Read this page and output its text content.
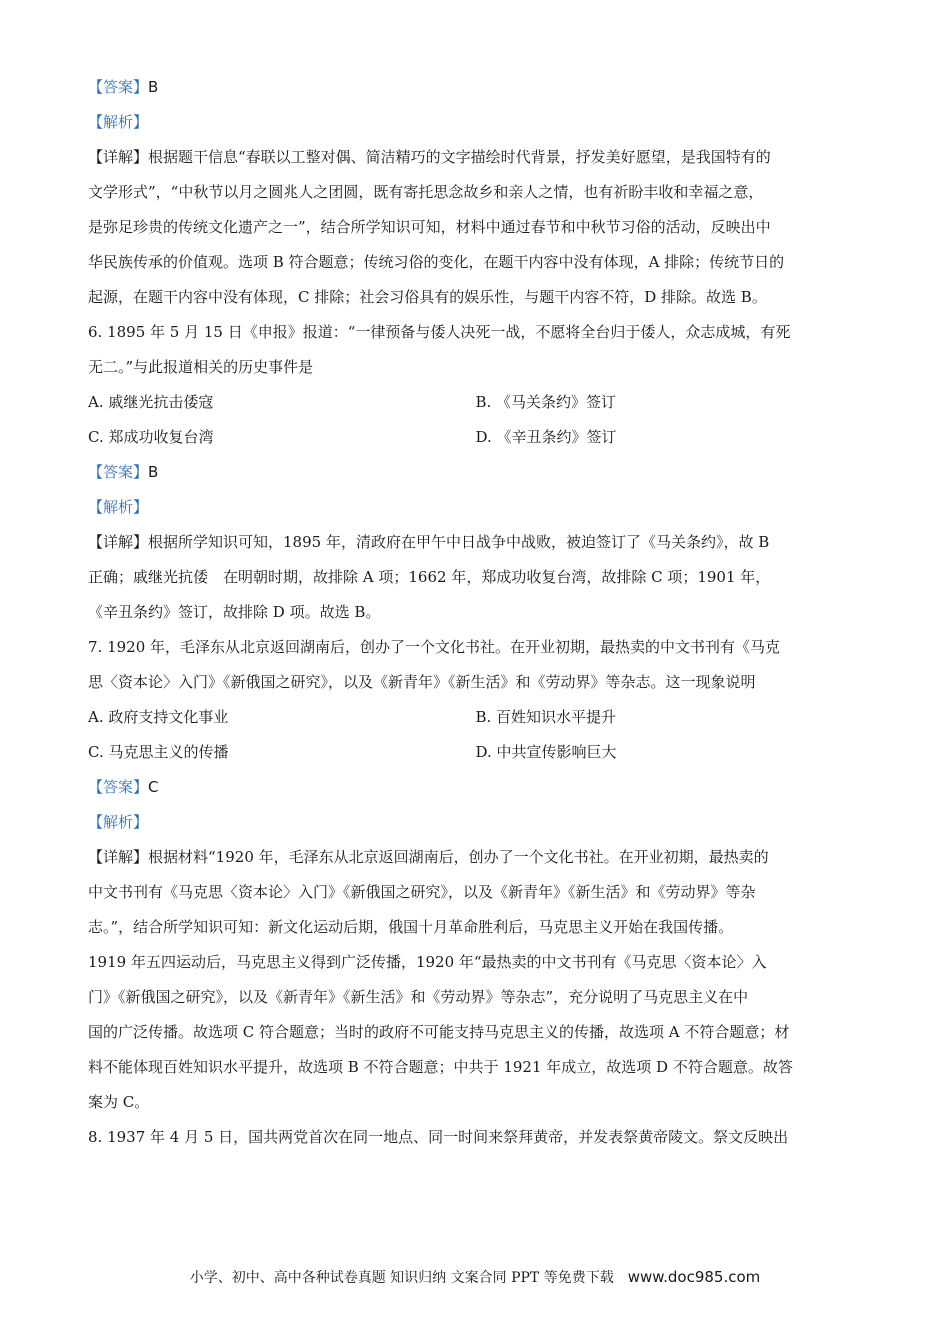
【答案】B
【解析】
【详解】根据题干信息“春联以工整对偶、简洁精巧的文字描绘时代背景，抒发美好愿望，是我国特有的
文学形式”，“中秋节以月之圆兆人之团圆，既有寄托思念故乡和亲人之情，也有祈盼丰收和幸福之意，
是弥足珍贵的传统文化遗产之一”，结合所学知识可知，材料中通过春节和中秋节习俗的活动，反映出中
华民族传承的价值观。选项 B 符合题意；传统习俗的变化，在题干内容中没有体现，A 排除；传统节日的
起源，在题干内容中没有体现，C 排除；社会习俗具有的娱乐性，与题干内容不符，D 排除。故选 B。
6. 1895 年 5 月 15 日《申报》报道：“一律预备与倭人决死一战，不愿将全台归于倭人，众志成城，有死
无二。”与此报道相关的历史事件是
A. 戚继光抗击倭寇	B. 《马关条约》签订
C. 郑成功收复台湾	D. 《辛丑条约》签订
【答案】B
【解析】
【详解】根据所学知识可知，1895 年，清政府在甲午中日战争中战败，被迫签订了《马关条约》，故 B
正确；戚继光抗倭　在明朝时期，故排除 A 项；1662 年，郑成功收复台湾，故排除 C 项；1901 年，
《辛丑条约》签订，故排除 D 项。故选 B。
7. 1920 年，毛泽东从北京返回湖南后，创办了一个文化书社。在开业初期，最热卖的中文书刊有《马克
思〈资本论〉入门》《新俄国之研究》，以及《新青年》《新生活》和《劳动界》等杂志。这一现象说明
A. 政府支持文化事业	B. 百姓知识水平提升
C. 马克思主义的传播	D. 中共宣传影响巨大
【答案】C
【解析】
【详解】根据材料“1920 年，毛泽东从北京返回湖南后，创办了一个文化书社。在开业初期，最热卖的
中文书刊有《马克思〈资本论〉入门》《新俄国之研究》，以及《新青年》《新生活》和《劳动界》等杂
志。”，结合所学知识可知：新文化运动后期，俄国十月革命胜利后，马克思主义开始在我国传播。
1919 年五四运动后，马克思主义得到广泛传播，1920 年“最热卖的中文书刊有《马克思〈资本论〉入
门》《新俄国之研究》，以及《新青年》《新生活》和《劳动界》等杂志”，充分说明了马克思主义在中
国的广泛传播。故选项 C 符合题意；当时的政府不可能支持马克思主义的传播，故选项 A 不符合题意；材
料不能体现百姓知识水平提升，故选项 B 不符合题意；中共于 1921 年成立，故选项 D 不符合题意。故答
案为 C。
8. 1937 年 4 月 5 日，国共两党首次在同一地点、同一时间来祭拜黄帝，并发表祭黄帝陵文。祭文反映出
小学、初中、高中各种试卷真题 知识归纳 文案合同 PPT 等免费下载 www.doc985.com
